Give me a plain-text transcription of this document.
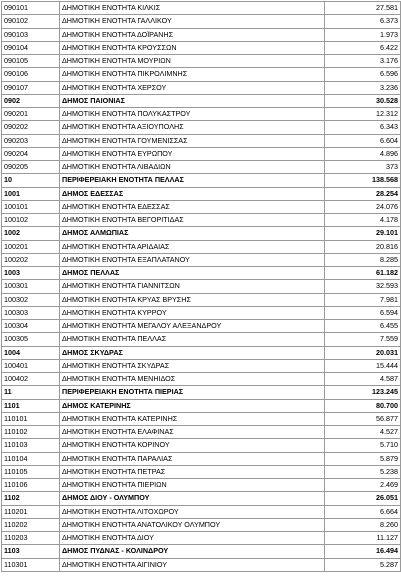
090101	ΔΗΜΟΤΙΚΗ ΕΝΟΤΗΤΑ ΚΙΛΚΙΣ	27.581
090102	ΔΗΜΟΤΙΚΗ ΕΝΟΤΗΤΑ ΓΑΛΛΙΚΟΥ	6.373
090103	ΔΗΜΟΤΙΚΗ ΕΝΟΤΗΤΑ ΔΟΪΡΑΝΗΣ	1.973
090104	ΔΗΜΟΤΙΚΗ ΕΝΟΤΗΤΑ ΚΡΟΥΣΣΩΝ	6.422
090105	ΔΗΜΟΤΙΚΗ ΕΝΟΤΗΤΑ ΜΟΥΡΙΩΝ	3.176
090106	ΔΗΜΟΤΙΚΗ ΕΝΟΤΗΤΑ ΠΙΚΡΟΛΙΜΝΗΣ	6.596
090107	ΔΗΜΟΤΙΚΗ ΕΝΟΤΗΤΑ ΧΕΡΣΟΥ	3.236
0902	ΔΗΜΟΣ ΠΑΙΟΝΙΑΣ	30.528
090201	ΔΗΜΟΤΙΚΗ ΕΝΟΤΗΤΑ ΠΟΛΥΚΑΣΤΡΟΥ	12.312
090202	ΔΗΜΟΤΙΚΗ ΕΝΟΤΗΤΑ ΑΞΙΟΥΠΟΛΗΣ	6.343
090203	ΔΗΜΟΤΙΚΗ ΕΝΟΤΗΤΑ ΓΟΥΜΕΝΙΣΣΑΣ	6.604
090204	ΔΗΜΟΤΙΚΗ ΕΝΟΤΗΤΑ ΕΥΡΩΠΟΥ	4.896
090205	ΔΗΜΟΤΙΚΗ ΕΝΟΤΗΤΑ ΛΙΒΑΔΙΩΝ	373
10	ΠΕΡΙΦΕΡΕΙΑΚΗ ΕΝΟΤΗΤΑ ΠΕΛΛΑΣ	138.568
1001	ΔΗΜΟΣ ΕΔΕΣΣΑΣ	28.254
100101	ΔΗΜΟΤΙΚΗ ΕΝΟΤΗΤΑ ΕΔΕΣΣΑΣ	24.076
100102	ΔΗΜΟΤΙΚΗ ΕΝΟΤΗΤΑ ΒΕΓΟΡΙΤΙΔΑΣ	4.178
1002	ΔΗΜΟΣ ΑΛΜΩΠΙΑΣ	29.101
100201	ΔΗΜΟΤΙΚΗ ΕΝΟΤΗΤΑ ΑΡΙΔΑΙΑΣ	20.816
100202	ΔΗΜΟΤΙΚΗ ΕΝΟΤΗΤΑ ΕΞΑΠΛΑΤΑΝΟΥ	8.285
1003	ΔΗΜΟΣ ΠΕΛΛΑΣ	61.182
100301	ΔΗΜΟΤΙΚΗ ΕΝΟΤΗΤΑ ΓΙΑΝΝΙΤΣΩΝ	32.593
100302	ΔΗΜΟΤΙΚΗ ΕΝΟΤΗΤΑ ΚΡΥΑΣ ΒΡΥΣΗΣ	7.981
100303	ΔΗΜΟΤΙΚΗ ΕΝΟΤΗΤΑ ΚΥΡΡΟΥ	6.594
100304	ΔΗΜΟΤΙΚΗ ΕΝΟΤΗΤΑ ΜΕΓΑΛΟΥ ΑΛΕΞΑΝΔΡΟΥ	6.455
100305	ΔΗΜΟΤΙΚΗ ΕΝΟΤΗΤΑ ΠΕΛΛΑΣ	7.559
1004	ΔΗΜΟΣ ΣΚΥΔΡΑΣ	20.031
100401	ΔΗΜΟΤΙΚΗ ΕΝΟΤΗΤΑ ΣΚΥΔΡΑΣ	15.444
100402	ΔΗΜΟΤΙΚΗ ΕΝΟΤΗΤΑ ΜΕΝΗΙΔΟΣ	4.587
11	ΠΕΡΙΦΕΡΕΙΑΚΗ ΕΝΟΤΗΤΑ ΠΙΕΡΙΑΣ	123.245
1101	ΔΗΜΟΣ ΚΑΤΕΡΙΝΗΣ	80.700
110101	ΔΗΜΟΤΙΚΗ ΕΝΟΤΗΤΑ ΚΑΤΕΡΙΝΗΣ	56.877
110102	ΔΗΜΟΤΙΚΗ ΕΝΟΤΗΤΑ ΕΛΑΦΙΝΑΣ	4.527
110103	ΔΗΜΟΤΙΚΗ ΕΝΟΤΗΤΑ ΚΟΡΙΝΟΥ	5.710
110104	ΔΗΜΟΤΙΚΗ ΕΝΟΤΗΤΑ ΠΑΡΑΛΙΑΣ	5.879
110105	ΔΗΜΟΤΙΚΗ ΕΝΟΤΗΤΑ ΠΕΤΡΑΣ	5.238
110106	ΔΗΜΟΤΙΚΗ ΕΝΟΤΗΤΑ ΠΙΕΡΙΩΝ	2.469
1102	ΔΗΜΟΣ ΔΙΟΥ - ΟΛΥΜΠΟΥ	26.051
110201	ΔΗΜΟΤΙΚΗ ΕΝΟΤΗΤΑ ΛΙΤΟΧΩΡΟΥ	6.664
110202	ΔΗΜΟΤΙΚΗ ΕΝΟΤΗΤΑ ΑΝΑΤΟΛΙΚΟΥ ΟΛΥΜΠΟΥ	8.260
110203	ΔΗΜΟΤΙΚΗ ΕΝΟΤΗΤΑ ΔΙΟΥ	11.127
1103	ΔΗΜΟΣ ΠΥΔΝΑΣ - ΚΟΛΙΝΔΡΟΥ	16.494
110301	ΔΗΜΟΤΙΚΗ ΕΝΟΤΗΤΑ ΑΙΓΙΝΙΟΥ	5.287
